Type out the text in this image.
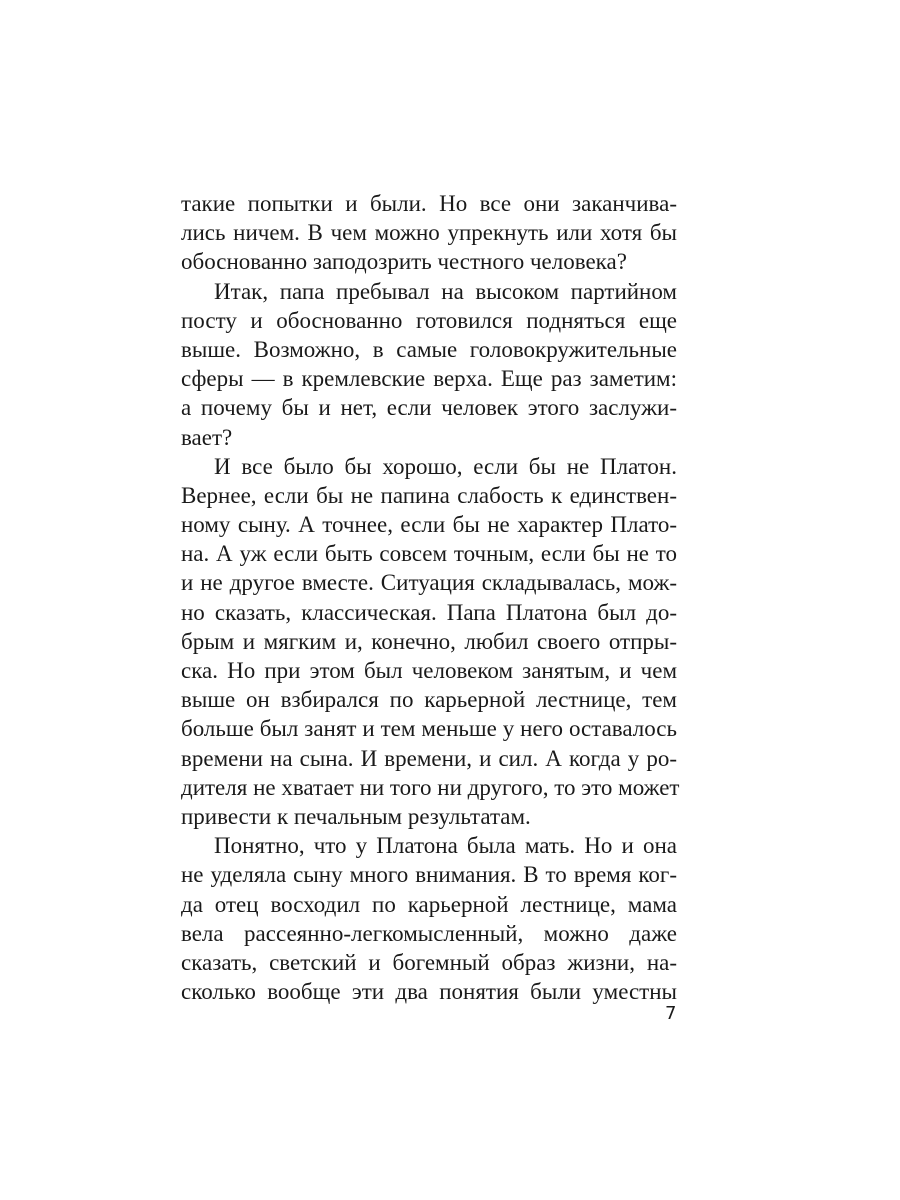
такие попытки и были. Но все они заканчива-
лись ничем. В чем можно упрекнуть или хотя бы
обоснованно заподозрить честного человека?
Итак, папа пребывал на высоком партийном
посту и обоснованно готовился подняться еще
выше. Возможно, в самые головокружительные
сферы — в кремлевские верха. Еще раз заметим:
а почему бы и нет, если человек этого заслужи-
вает?
И все было бы хорошо, если бы не Платон.
Вернее, если бы не папина слабость к единствен-
ному сыну. А точнее, если бы не характер Плато-
на. А уж если быть совсем точным, если бы не то
и не другое вместе. Ситуация складывалась, мож-
но сказать, классическая. Папа Платона был до-
брым и мягким и, конечно, любил своего отпры-
ска. Но при этом был человеком занятым, и чем
выше он взбирался по карьерной лестнице, тем
больше был занят и тем меньше у него оставалось
времени на сына. И времени, и сил. А когда у ро-
дителя не хватает ни того ни другого, то это может
привести к печальным результатам.
Понятно, что у Платона была мать. Но и она
не уделяла сыну много внимания. В то время ког-
да отец восходил по карьерной лестнице, мама
вела рассеянно-легкомысленный, можно даже
сказать, светский и богемный образ жизни, на-
сколько вообще эти два понятия были уместны
7
